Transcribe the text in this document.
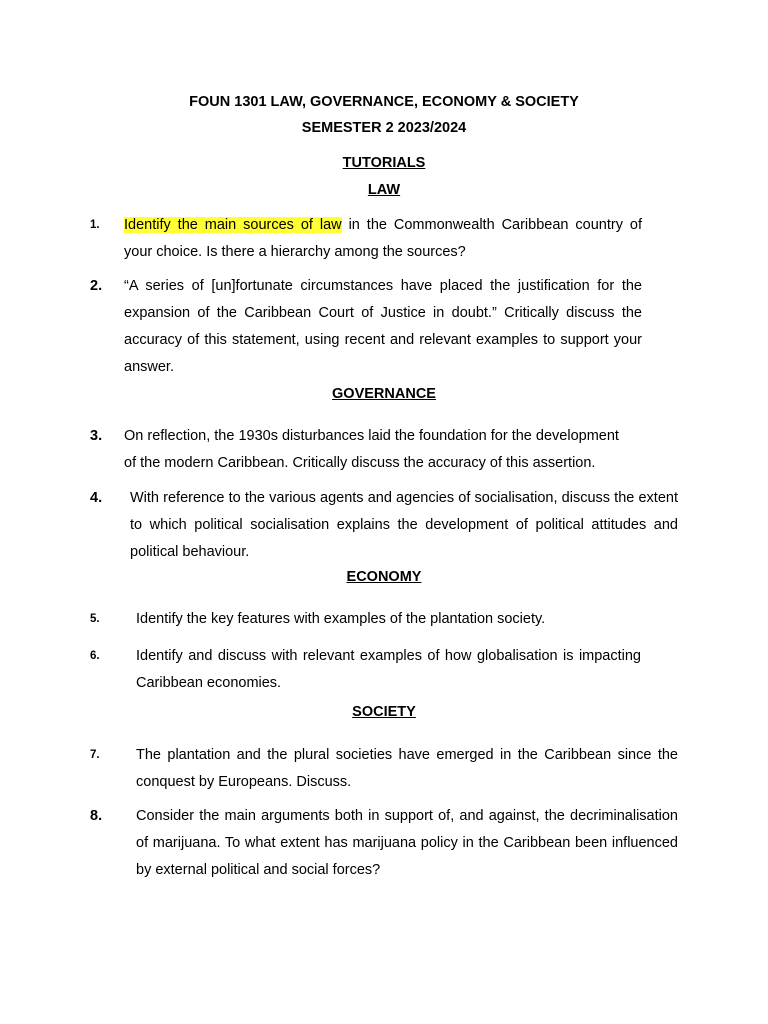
FOUN 1301 LAW, GOVERNANCE, ECONOMY & SOCIETY
SEMESTER 2 2023/2024
TUTORIALS
LAW
1. Identify the main sources of law in the Commonwealth Caribbean country of your choice. Is there a hierarchy among the sources?
2. “A series of [un]fortunate circumstances have placed the justification for the expansion of the Caribbean Court of Justice in doubt.” Critically discuss the accuracy of this statement, using recent and relevant examples to support your answer.
GOVERNANCE
3. On reflection, the 1930s disturbances laid the foundation for the development
of the modern Caribbean. Critically discuss the accuracy of this assertion.
4. With reference to the various agents and agencies of socialisation, discuss the extent to which political socialisation explains the development of political attitudes and political behaviour.
ECONOMY
5.	Identify the key features with examples of the plantation society.
6.	Identify and discuss with relevant examples of how globalisation is impacting Caribbean economies.
SOCIETY
7.	The plantation and the plural societies have emerged in the Caribbean since the conquest by Europeans. Discuss.
8. Consider the main arguments both in support of, and against, the decriminalisation of marijuana. To what extent has marijuana policy in the Caribbean been influenced by external political and social forces?
